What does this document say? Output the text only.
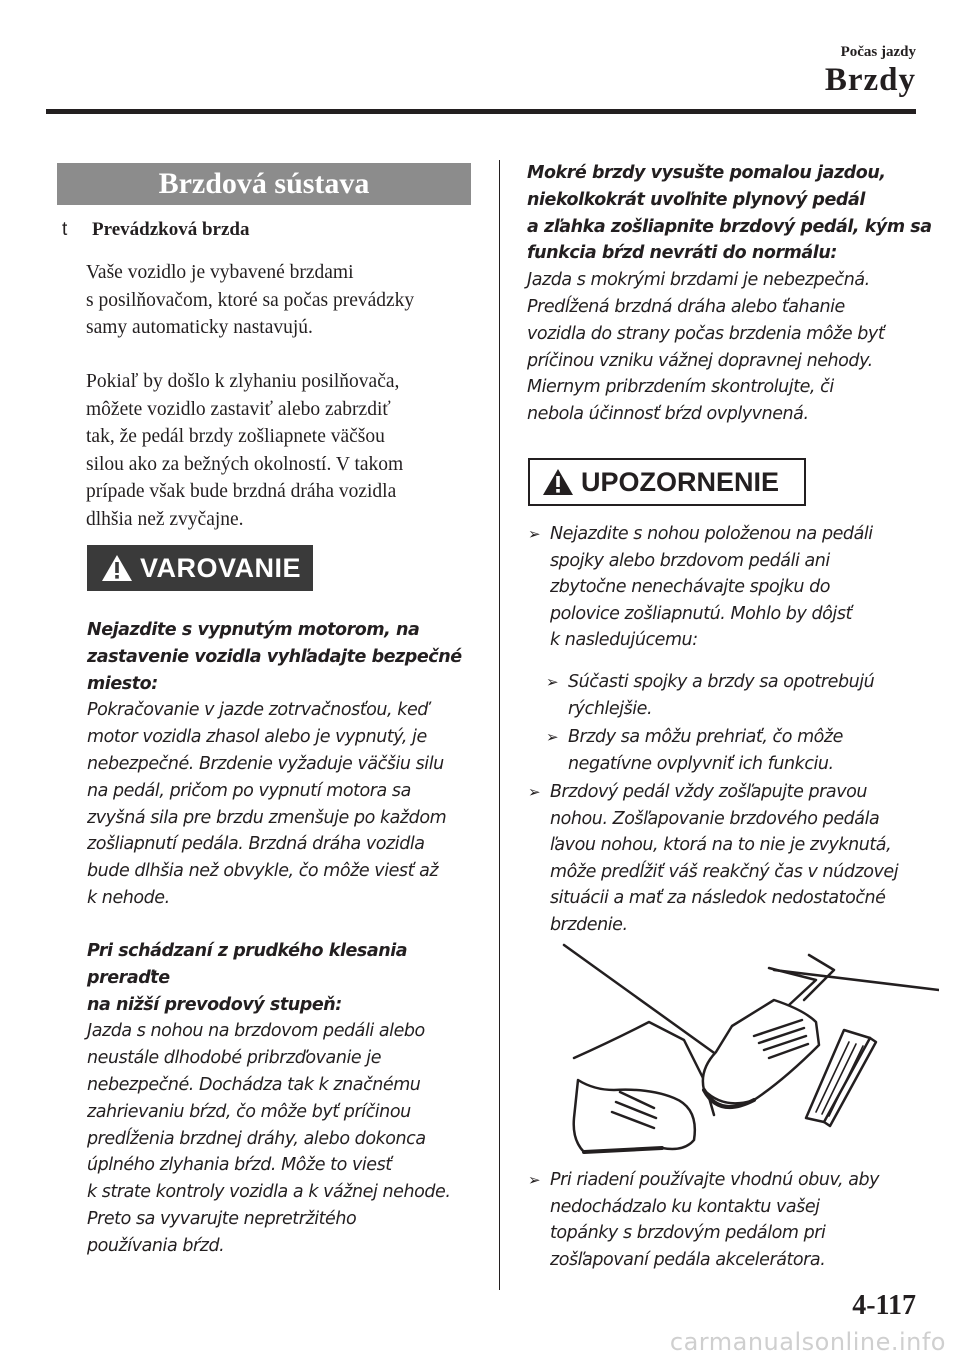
Počas jazdy
Brzdy
Brzdová sústava
t Prevádzková brzda
Vaše vozidlo je vybavené brzdami
s posilňovačom, ktoré sa počas prevádzky
samy automaticky nastavujú.
Pokiaľ by došlo k zlyhaniu posilňovača,
môžete vozidlo zastaviť alebo zabrzdiť
tak, že pedál brzdy zošliapnete väčšou
silou ako za bežných okolností. V takom
prípade však bude brzdná dráha vozidla
dlhšia než zvyčajne.
VAROVANIE
Nejazdite s vypnutým motorom, na
zastavenie vozidla vyhľadajte bezpečné
miesto:
Pokračovanie v jazde zotrvačnosťou, keď
motor vozidla zhasol alebo je vypnutý, je
nebezpečné. Brzdenie vyžaduje väčšiu silu
na pedál, pričom po vypnutí motora sa
zvyšná sila pre brzdu zmenšuje po každom
zošliapnutí pedála. Brzdná dráha vozidla
bude dlhšia než obvykle, čo môže viesť až
k nehode.
Pri schádzaní z prudkého klesania preraďte
na nižší prevodový stupeň:
Jazda s nohou na brzdovom pedáli alebo
neustále dlhodobé pribrzďovanie je
nebezpečné. Dochádza tak k značnému
zahrievaniu bŕzd, čo môže byť príčinou
predĺženia brzdnej dráhy, alebo dokonca
úplného zlyhania bŕzd. Môže to viesť
k strate kontroly vozidla a k vážnej nehode.
Preto sa vyvarujte nepretržitého
používania bŕzd.
Mokré brzdy vysušte pomalou jazdou,
niekolkokrát uvoľnite plynový pedál
a zľahka zošliapnite brzdový pedál, kým sa
funkcia bŕzd nevráti do normálu:
Jazda s mokrými brzdami je nebezpečná.
Predĺžená brzdná dráha alebo ťahanie
vozidla do strany počas brzdenia môže byť
príčinou vzniku vážnej dopravnej nehody.
Miernym pribrzdením skontrolujte, či
nebola účinnosť bŕzd ovplyvnená.
UPOZORNENIE
➢ Nejazdite s nohou položenou na pedáli
spojky alebo brzdovom pedáli ani
zbytočne nenechávajte spojku do
polovice zošliapnutú. Mohlo by dôjsť
k nasledujúcemu:
➢ Súčasti spojky a brzdy sa opotrebujú
rýchlejšie.
➢ Brzdy sa môžu prehriať, čo môže
negatívne ovplyvniť ich funkciu.
➢ Brzdový pedál vždy zošľapujte pravou
nohou. Zošľapovanie brzdového pedála
ľavou nohou, ktorá na to nie je zvyknutá,
môže predĺžiť váš reakčný čas v núdzovej
situácii a mať za následok nedostatočné
brzdenie.
➢ Pri riadení používajte vhodnú obuv, aby
nedochádzalo ku kontaktu vašej
topánky s brzdovým pedálom pri
zošľapovaní pedála akcelerátora.
4-117
carmanualsonline.info
